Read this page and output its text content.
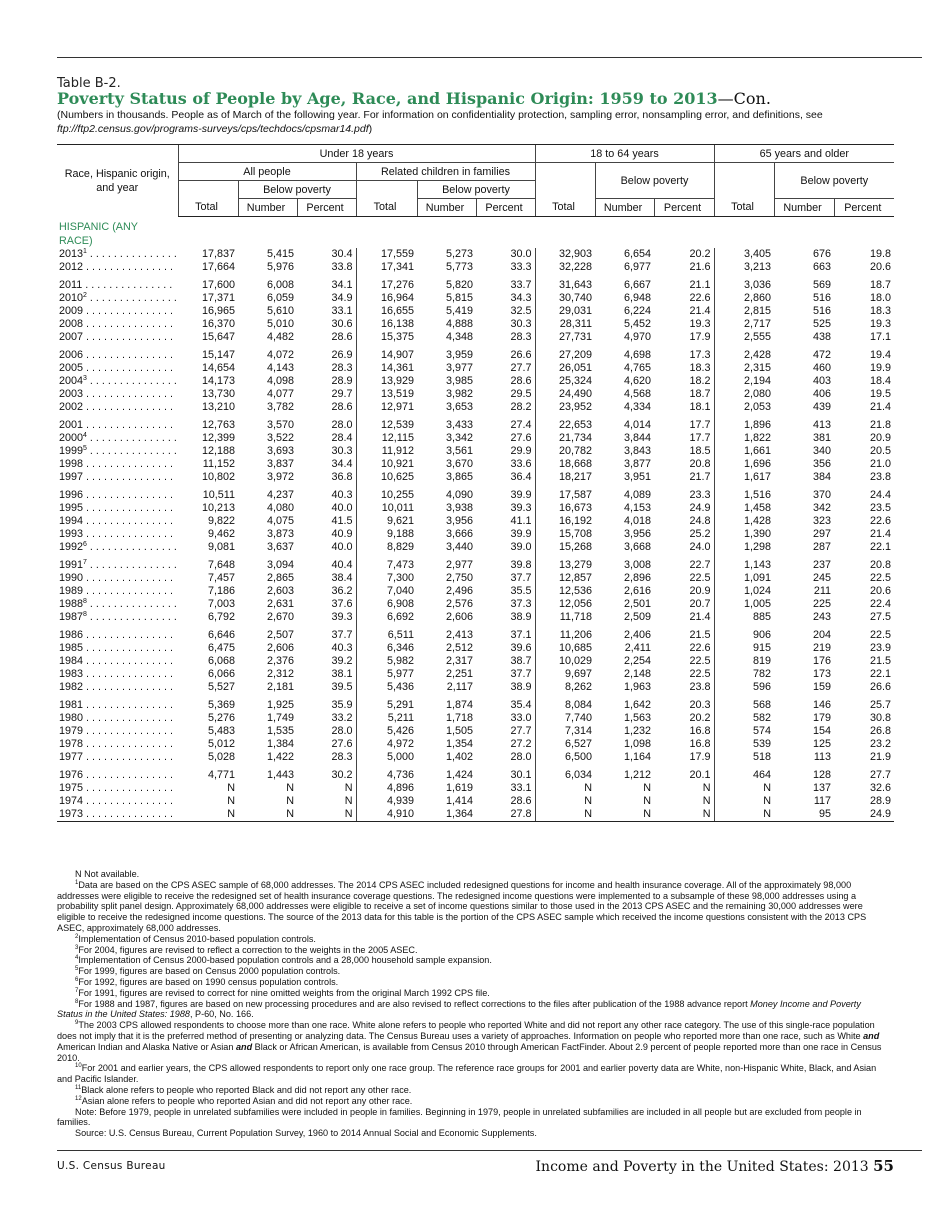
Table B-2.
Poverty Status of People by Age, Race, and Hispanic Origin: 1959 to 2013—Con.
(Numbers in thousands. People as of March of the following year. For information on confidentiality protection, sampling error, nonsampling error, and definitions, see ftp://ftp2.census.gov/programs-surveys/cps/techdocs/cpsmar14.pdf)
Race, Hispanic origin, and year	Under 18 years						18 to 64 years			65 years and older		
	All people			Related children in families				Below poverty			Below poverty	
		Below poverty			Below poverty							
	Total	Number	Percent	Total	Number	Percent	Total	Number	Percent	Total	Number	Percent

HISPANIC (ANY RACE)												

2013$^1$ . . . . . . . . . . . . . . .	17,837	5,415	30.4	17,559	5,273	30.0	32,903	6,654	20.2	3,405	676	19.8
2012 . . . . . . . . . . . . . . .	17,664	5,976	33.8	17,341	5,773	33.3	32,228	6,977	21.6	3,213	663	20.6
2011 . . . . . . . . . . . . . . .	17,600	6,008	34.1	17,276	5,820	33.7	31,643	6,667	21.1	3,036	569	18.7
2010$^2$ . . . . . . . . . . . . . . .	17,371	6,059	34.9	16,964	5,815	34.3	30,740	6,948	22.6	2,860	516	18.0
2009 . . . . . . . . . . . . . . .	16,965	5,610	33.1	16,655	5,419	32.5	29,031	6,224	21.4	2,815	516	18.3
2008 . . . . . . . . . . . . . . .	16,370	5,010	30.6	16,138	4,888	30.3	28,311	5,452	19.3	2,717	525	19.3
2007 . . . . . . . . . . . . . . .	15,647	4,482	28.6	15,375	4,348	28.3	27,731	4,970	17.9	2,555	438	17.1
2006 . . . . . . . . . . . . . . .	15,147	4,072	26.9	14,907	3,959	26.6	27,209	4,698	17.3	2,428	472	19.4
2005 . . . . . . . . . . . . . . .	14,654	4,143	28.3	14,361	3,977	27.7	26,051	4,765	18.3	2,315	460	19.9
2004$^3$ . . . . . . . . . . . . . . .	14,173	4,098	28.9	13,929	3,985	28.6	25,324	4,620	18.2	2,194	403	18.4
2003 . . . . . . . . . . . . . . .	13,730	4,077	29.7	13,519	3,982	29.5	24,490	4,568	18.7	2,080	406	19.5
2002 . . . . . . . . . . . . . . .	13,210	3,782	28.6	12,971	3,653	28.2	23,952	4,334	18.1	2,053	439	21.4
2001 . . . . . . . . . . . . . . .	12,763	3,570	28.0	12,539	3,433	27.4	22,653	4,014	17.7	1,896	413	21.8
2000$^4$ . . . . . . . . . . . . . . .	12,399	3,522	28.4	12,115	3,342	27.6	21,734	3,844	17.7	1,822	381	20.9
1999$^5$ . . . . . . . . . . . . . . .	12,188	3,693	30.3	11,912	3,561	29.9	20,782	3,843	18.5	1,661	340	20.5
1998 . . . . . . . . . . . . . . .	11,152	3,837	34.4	10,921	3,670	33.6	18,668	3,877	20.8	1,696	356	21.0
1997 . . . . . . . . . . . . . . .	10,802	3,972	36.8	10,625	3,865	36.4	18,217	3,951	21.7	1,617	384	23.8
1996 . . . . . . . . . . . . . . .	10,511	4,237	40.3	10,255	4,090	39.9	17,587	4,089	23.3	1,516	370	24.4
1995 . . . . . . . . . . . . . . .	10,213	4,080	40.0	10,011	3,938	39.3	16,673	4,153	24.9	1,458	342	23.5
1994 . . . . . . . . . . . . . . .	9,822	4,075	41.5	9,621	3,956	41.1	16,192	4,018	24.8	1,428	323	22.6
1993 . . . . . . . . . . . . . . .	9,462	3,873	40.9	9,188	3,666	39.9	15,708	3,956	25.2	1,390	297	21.4
1992$^6$ . . . . . . . . . . . . . . .	9,081	3,637	40.0	8,829	3,440	39.0	15,268	3,668	24.0	1,298	287	22.1
1991$^7$ . . . . . . . . . . . . . . .	7,648	3,094	40.4	7,473	2,977	39.8	13,279	3,008	22.7	1,143	237	20.8
1990 . . . . . . . . . . . . . . .	7,457	2,865	38.4	7,300	2,750	37.7	12,857	2,896	22.5	1,091	245	22.5
1989 . . . . . . . . . . . . . . .	7,186	2,603	36.2	7,040	2,496	35.5	12,536	2,616	20.9	1,024	211	20.6
1988$^8$ . . . . . . . . . . . . . . .	7,003	2,631	37.6	6,908	2,576	37.3	12,056	2,501	20.7	1,005	225	22.4
1987$^8$ . . . . . . . . . . . . . . .	6,792	2,670	39.3	6,692	2,606	38.9	11,718	2,509	21.4	885	243	27.5
1986 . . . . . . . . . . . . . . .	6,646	2,507	37.7	6,511	2,413	37.1	11,206	2,406	21.5	906	204	22.5
1985 . . . . . . . . . . . . . . .	6,475	2,606	40.3	6,346	2,512	39.6	10,685	2,411	22.6	915	219	23.9
1984 . . . . . . . . . . . . . . .	6,068	2,376	39.2	5,982	2,317	38.7	10,029	2,254	22.5	819	176	21.5
1983 . . . . . . . . . . . . . . .	6,066	2,312	38.1	5,977	2,251	37.7	9,697	2,148	22.5	782	173	22.1
1982 . . . . . . . . . . . . . . .	5,527	2,181	39.5	5,436	2,117	38.9	8,262	1,963	23.8	596	159	26.6
1981 . . . . . . . . . . . . . . .	5,369	1,925	35.9	5,291	1,874	35.4	8,084	1,642	20.3	568	146	25.7
1980 . . . . . . . . . . . . . . .	5,276	1,749	33.2	5,211	1,718	33.0	7,740	1,563	20.2	582	179	30.8
1979 . . . . . . . . . . . . . . .	5,483	1,535	28.0	5,426	1,505	27.7	7,314	1,232	16.8	574	154	26.8
1978 . . . . . . . . . . . . . . .	5,012	1,384	27.6	4,972	1,354	27.2	6,527	1,098	16.8	539	125	23.2
1977 . . . . . . . . . . . . . . .	5,028	1,422	28.3	5,000	1,402	28.0	6,500	1,164	17.9	518	113	21.9
1976 . . . . . . . . . . . . . . .	4,771	1,443	30.2	4,736	1,424	30.1	6,034	1,212	20.1	464	128	27.7
1975 . . . . . . . . . . . . . . .	N	N	N	4,896	1,619	33.1	N	N	N	N	137	32.6
1974 . . . . . . . . . . . . . . .	N	N	N	4,939	1,414	28.6	N	N	N	N	117	28.9
1973 . . . . . . . . . . . . . . .	N	N	N	4,910	1,364	27.8	N	N	N	N	95	24.9

N Not available.

$^1$Data are based on the CPS ASEC sample of 68,000 addresses. The 2014 CPS ASEC included redesigned questions for income and health insurance coverage. All of the approximately 98,000 addresses were eligible to receive the redesigned set of health insurance coverage questions. The redesigned income questions were implemented to a subsample of these 98,000 addresses using a probability split panel design. Approximately 68,000 addresses were eligible to receive a set of income questions similar to those used in the 2013 CPS ASEC and the remaining 30,000 addresses were eligible to receive the redesigned income questions. The source of the 2013 data for this table is the portion of the CPS ASEC sample which received the income questions consistent with the 2013 CPS ASEC, approximately 68,000 addresses.

$^2$Implementation of Census 2010-based population controls.

$^3$For 2004, figures are revised to reflect a correction to the weights in the 2005 ASEC.

$^4$Implementation of Census 2000-based population controls and a 28,000 household sample expansion.

$^5$For 1999, figures are based on Census 2000 population controls.

$^6$For 1992, figures are based on 1990 census population controls.

$^7$For 1991, figures are revised to correct for nine omitted weights from the original March 1992 CPS file.

$^8$For 1988 and 1987, figures are based on new processing procedures and are also revised to reflect corrections to the files after publication of the 1988 advance report Money Income and Poverty Status in the United States: 1988, P-60, No. 166.

$^9$The 2003 CPS allowed respondents to choose more than one race. White alone refers to people who reported White and did not report any other race category. The use of this single-race population does not imply that it is the preferred method of presenting or analyzing data. The Census Bureau uses a variety of approaches. Information on people who reported more than one race, such as White and American Indian and Alaska Native or Asian and Black or African American, is available from Census 2010 through American FactFinder. About 2.9 percent of people reported more than one race in Census 2010.

$^{10}$For 2001 and earlier years, the CPS allowed respondents to report only one race group. The reference race groups for 2001 and earlier poverty data are White, non-Hispanic White, Black, and Asian and Pacific Islander.

$^{11}$Black alone refers to people who reported Black and did not report any other race.

$^{12}$Asian alone refers to people who reported Asian and did not report any other race.

Note: Before 1979, people in unrelated subfamilies were included in people in families. Beginning in 1979, people in unrelated subfamilies are included in all people but are excluded from people in families.

Source: U.S. Census Bureau, Current Population Survey, 1960 to 2014 Annual Social and Economic Supplements.

U.S. Census Bureau	Income and Poverty in the United States: 2013 55
